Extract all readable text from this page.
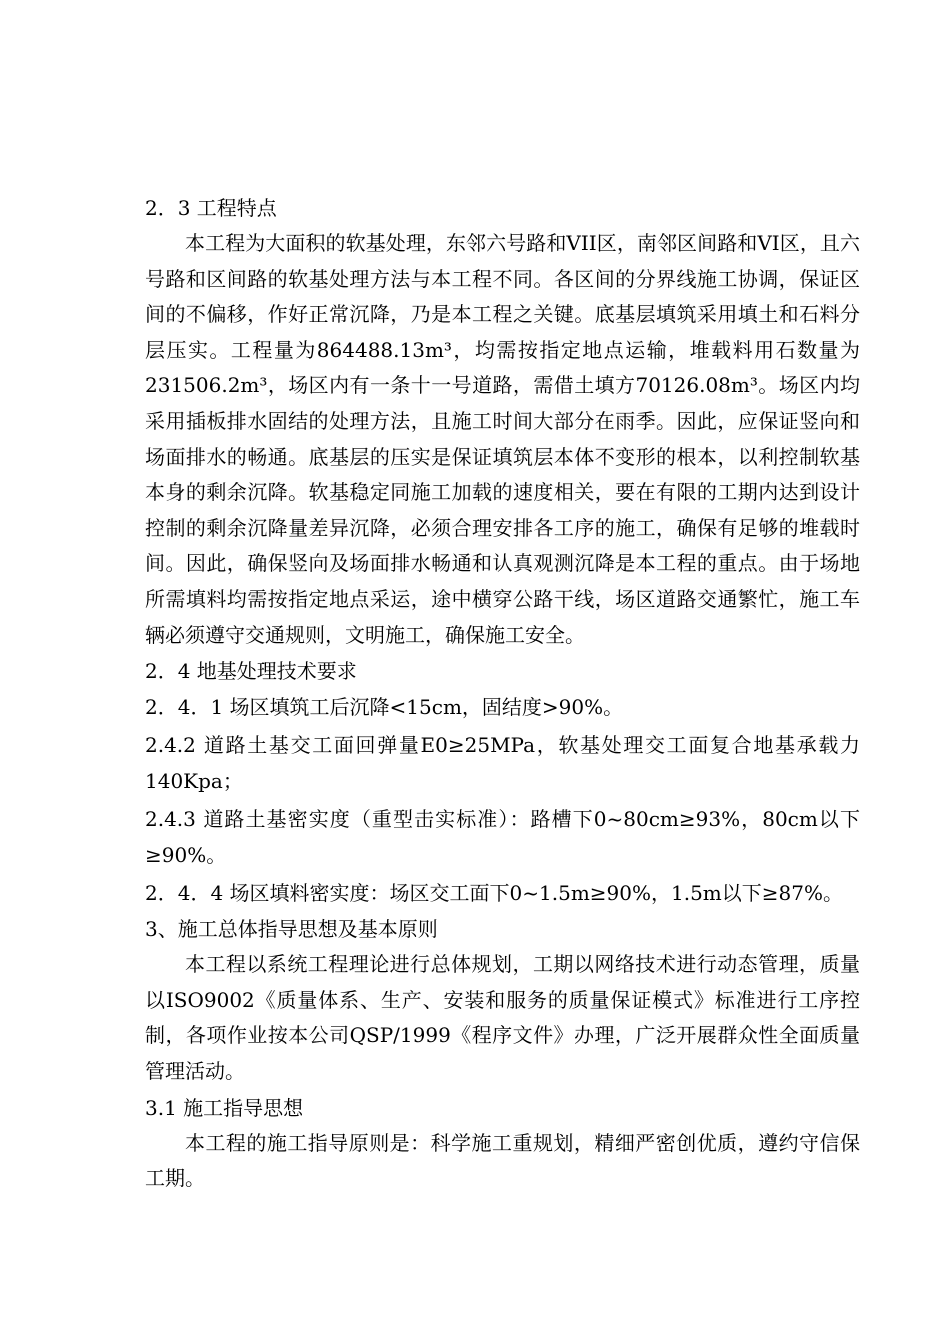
2．3 工程特点

本工程为大面积的软基处理，东邻六号路和VII区，南邻区间路和VI区，且六号路和区间路的软基处理方法与本工程不同。各区间的分界线施工协调，保证区间的不偏移，作好正常沉降，乃是本工程之关键。底基层填筑采用填土和石料分层压实。工程量为864488.13m³，均需按指定地点运输，堆载料用石数量为231506.2m³，场区内有一条十一号道路，需借土填方70126.08m³。场区内均采用插板排水固结的处理方法，且施工时间大部分在雨季。因此，应保证竖向和场面排水的畅通。底基层的压实是保证填筑层本体不变形的根本，以利控制软基本身的剩余沉降。软基稳定同施工加载的速度相关，要在有限的工期内达到设计控制的剩余沉降量差异沉降，必须合理安排各工序的施工，确保有足够的堆载时间。因此，确保竖向及场面排水畅通和认真观测沉降是本工程的重点。由于场地所需填料均需按指定地点采运，途中横穿公路干线，场区道路交通繁忙，施工车辆必须遵守交通规则，文明施工，确保施工安全。

2．4 地基处理技术要求

2．4．1 场区填筑工后沉降<15cm，固结度>90%。

2.4.2 道路土基交工面回弹量E0≥25MPa，软基处理交工面复合地基承载力140Kpa；

2.4.3 道路土基密实度（重型击实标准）：路槽下0~80cm≥93%，80cm以下≥90%。

2．4．4 场区填料密实度：场区交工面下0~1.5m≥90%，1.5m以下≥87%。

3、施工总体指导思想及基本原则

本工程以系统工程理论进行总体规划，工期以网络技术进行动态管理，质量以ISO9002《质量体系、生产、安装和服务的质量保证模式》标准进行工序控制，各项作业按本公司QSP/1999《程序文件》办理，广泛开展群众性全面质量管理活动。

3.1 施工指导思想

本工程的施工指导原则是：科学施工重规划，精细严密创优质，遵约守信保工期。
